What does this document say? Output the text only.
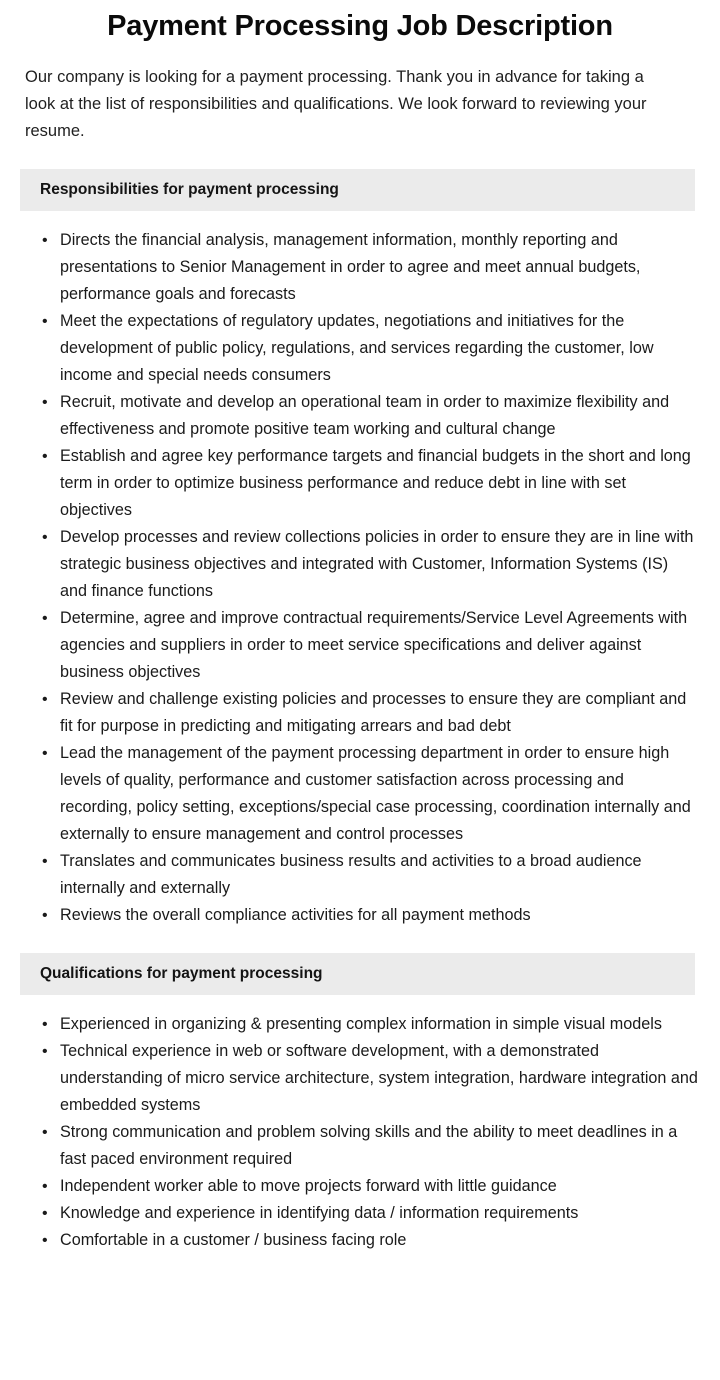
Payment Processing Job Description

Our company is looking for a payment processing. Thank you in advance for taking a look at the list of responsibilities and qualifications. We look forward to reviewing your resume.

Responsibilities for payment processing
• Directs the financial analysis, management information, monthly reporting and presentations to Senior Management in order to agree and meet annual budgets, performance goals and forecasts
• Meet the expectations of regulatory updates, negotiations and initiatives for the development of public policy, regulations, and services regarding the customer, low income and special needs consumers
• Recruit, motivate and develop an operational team in order to maximize flexibility and effectiveness and promote positive team working and cultural change
• Establish and agree key performance targets and financial budgets in the short and long term in order to optimize business performance and reduce debt in line with set objectives
• Develop processes and review collections policies in order to ensure they are in line with strategic business objectives and integrated with Customer, Information Systems (IS) and finance functions
• Determine, agree and improve contractual requirements/Service Level Agreements with agencies and suppliers in order to meet service specifications and deliver against business objectives
• Review and challenge existing policies and processes to ensure they are compliant and fit for purpose in predicting and mitigating arrears and bad debt
• Lead the management of the payment processing department in order to ensure high levels of quality, performance and customer satisfaction across processing and recording, policy setting, exceptions/special case processing, coordination internally and externally to ensure management and control processes
• Translates and communicates business results and activities to a broad audience internally and externally
• Reviews the overall compliance activities for all payment methods
Qualifications for payment processing
• Experienced in organizing & presenting complex information in simple visual models
• Technical experience in web or software development, with a demonstrated understanding of micro service architecture, system integration, hardware integration and embedded systems
• Strong communication and problem solving skills and the ability to meet deadlines in a fast paced environment required
• Independent worker able to move projects forward with little guidance
• Knowledge and experience in identifying data / information requirements
• Comfortable in a customer / business facing role
